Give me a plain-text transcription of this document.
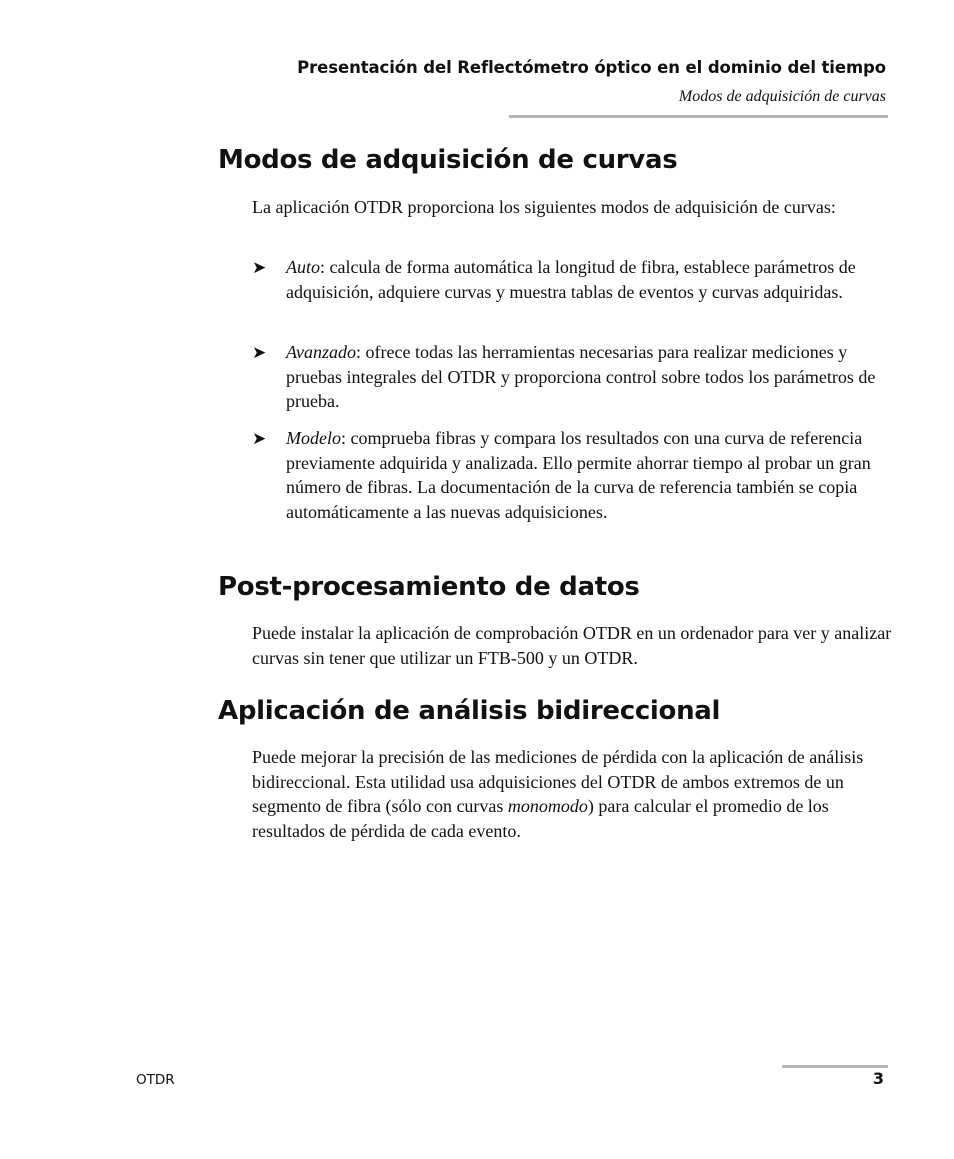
Presentación del Reflectómetro óptico en el dominio del tiempo
Modos de adquisición de curvas
Modos de adquisición de curvas

La aplicación OTDR proporciona los siguientes modos de adquisición de curvas:

➤ Auto: calcula de forma automática la longitud de fibra, establece parámetros de adquisición, adquiere curvas y muestra tablas de eventos y curvas adquiridas.
➤ Avanzado: ofrece todas las herramientas necesarias para realizar mediciones y pruebas integrales del OTDR y proporciona control sobre todos los parámetros de prueba.
➤ Modelo: comprueba fibras y compara los resultados con una curva de referencia previamente adquirida y analizada. Ello permite ahorrar tiempo al probar un gran número de fibras. La documentación de la curva de referencia también se copia automáticamente a las nuevas adquisiciones.
Post-procesamiento de datos

Puede instalar la aplicación de comprobación OTDR en un ordenador para ver y analizar curvas sin tener que utilizar un FTB-500 y un OTDR.

Aplicación de análisis bidireccional

Puede mejorar la precisión de las mediciones de pérdida con la aplicación de análisis bidireccional. Esta utilidad usa adquisiciones del OTDR de ambos extremos de un segmento de fibra (sólo con curvas monomodo) para calcular el promedio de los resultados de pérdida de cada evento.

OTDR	3
